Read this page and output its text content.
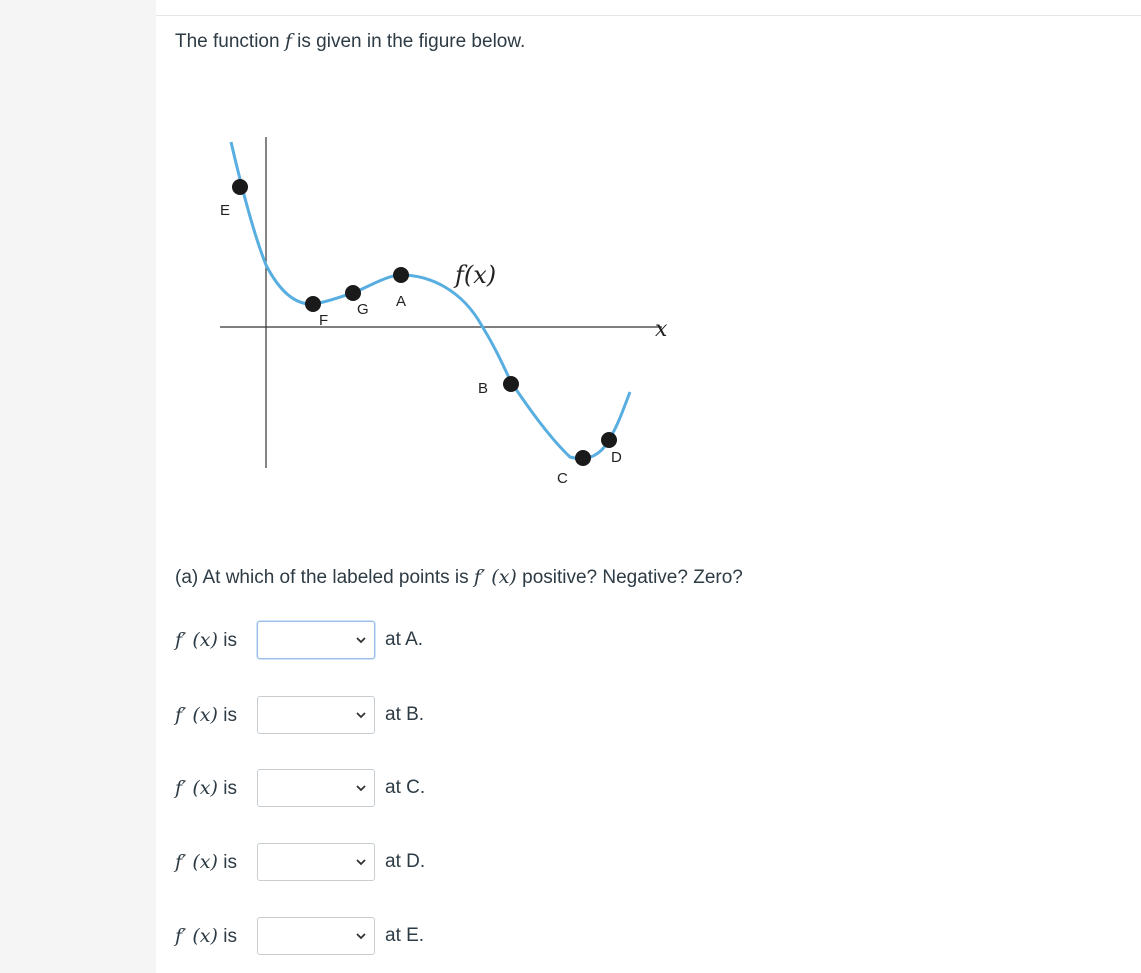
The function f is given in the figure below.
E
F
G A
B
C
D
f(x)
x
(a) At which of the labeled points is f′ (x) positive? Negative? Zero?
f′ (x) is	at A.
f′ (x) is	at B.
f′ (x) is	at C.
f′ (x) is	at D.
f′ (x) is	at E.
